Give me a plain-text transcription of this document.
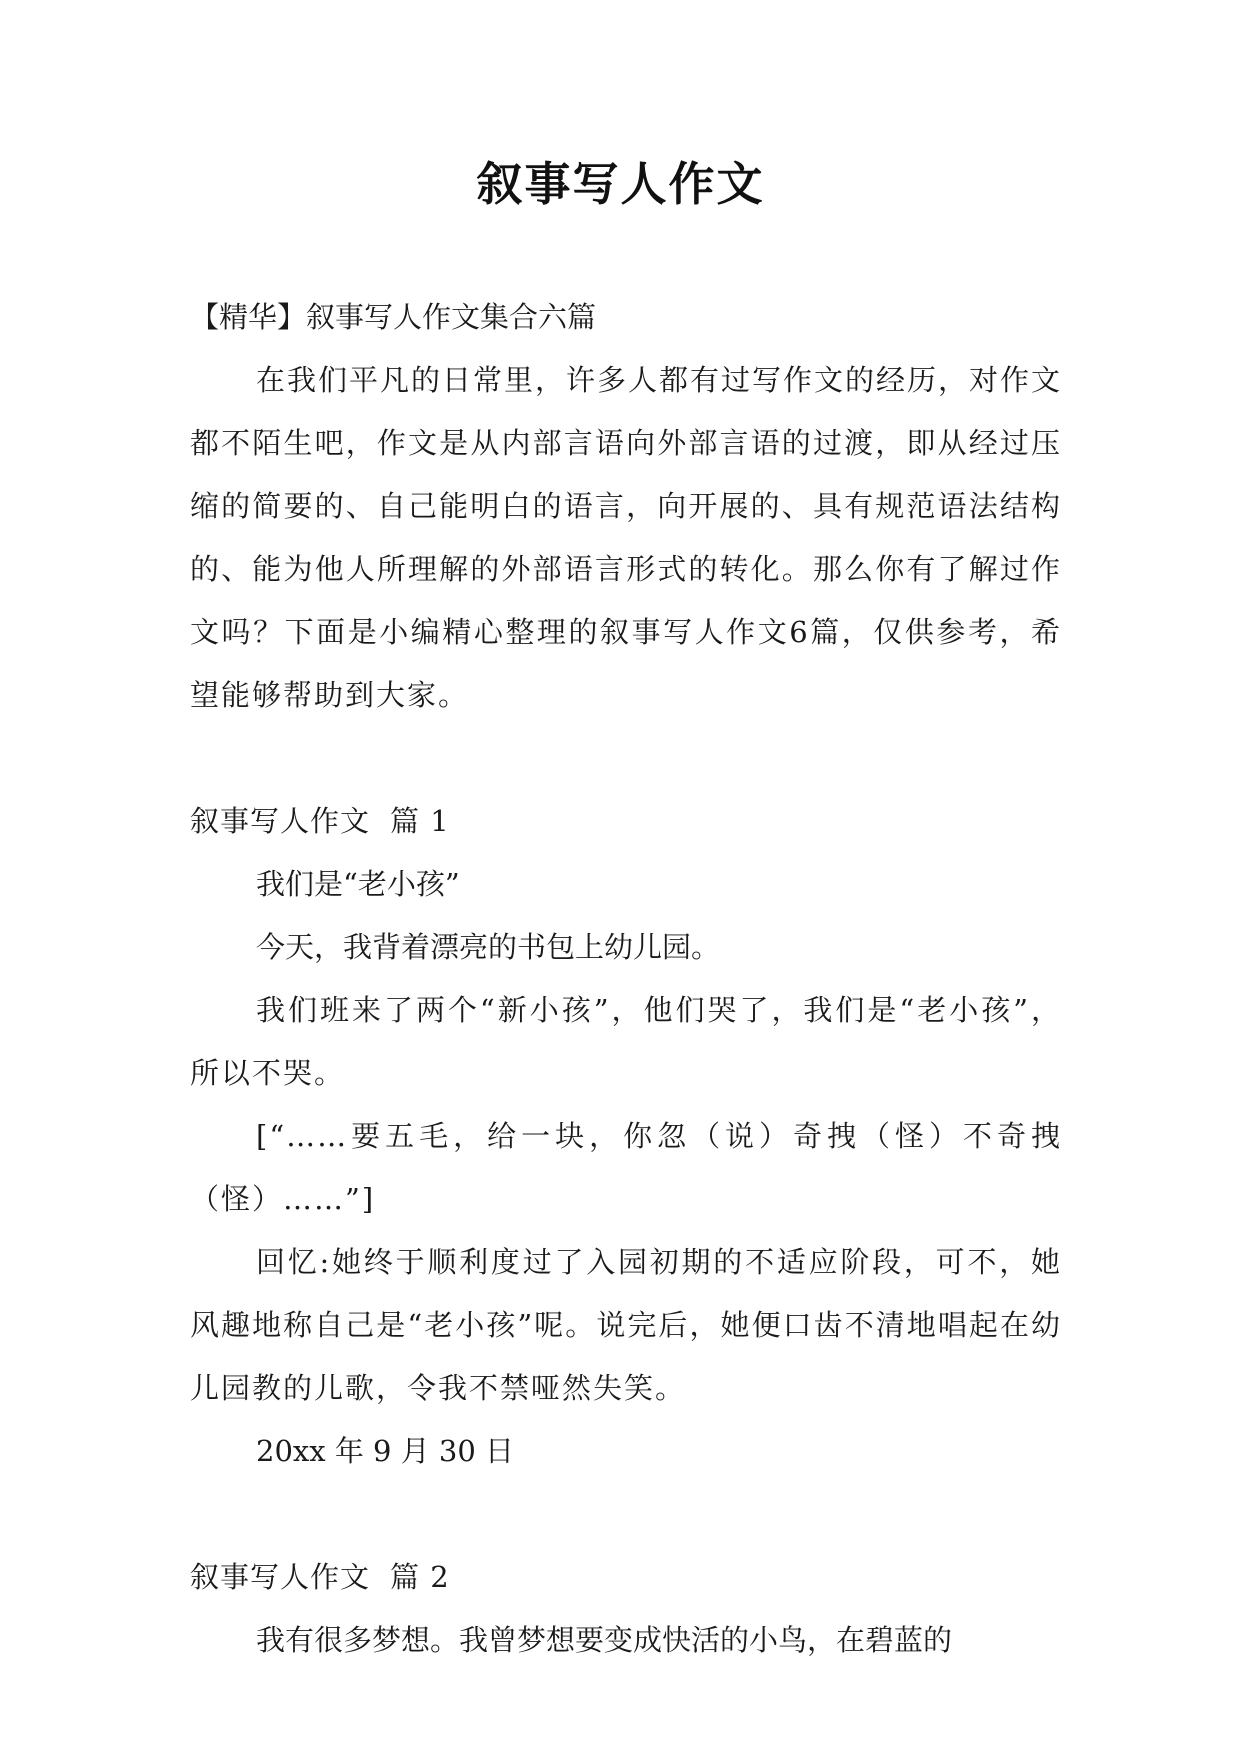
叙事写人作文

【精华】叙事写人作文集合六篇

在我们平凡的日常里，许多人都有过写作文的经历，对作文都不陌生吧，作文是从内部言语向外部言语的过渡，即从经过压缩的简要的、自己能明白的语言，向开展的、具有规范语法结构的、能为他人所理解的外部语言形式的转化。那么你有了解过作文吗？下面是小编精心整理的叙事写人作文6篇，仅供参考，希望能够帮助到大家。

叙事写人作文 篇 1

我们是“老小孩”

今天，我背着漂亮的书包上幼儿园。

我们班来了两个“新小孩”，他们哭了，我们是“老小孩”，所以不哭。

[“……要五毛，给一块，你忽（说）奇拽（怪）不奇拽（怪）……”]

回忆:她终于顺利度过了入园初期的不适应阶段，可不，她风趣地称自己是“老小孩”呢。说完后，她便口齿不清地唱起在幼儿园教的儿歌，令我不禁哑然失笑。

20xx 年 9 月 30 日

叙事写人作文 篇 2

我有很多梦想。我曾梦想要变成快活的小鸟，在碧蓝的
